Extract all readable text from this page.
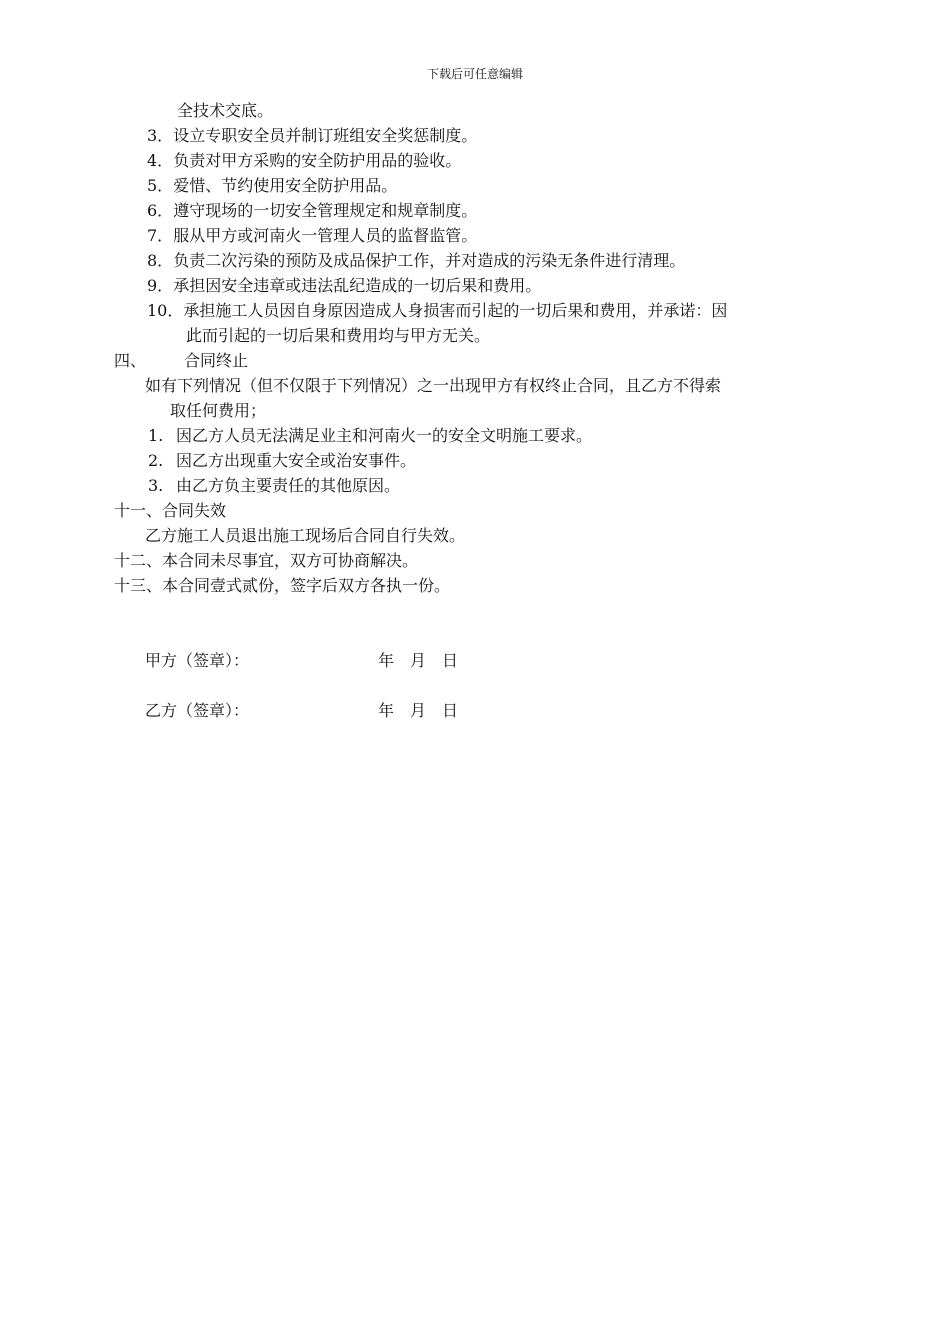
下载后可任意编辑
全技术交底。
3．设立专职安全员并制订班组安全奖惩制度。
4．负责对甲方采购的安全防护用品的验收。
5．爱惜、节约使用安全防护用品。
6．遵守现场的一切安全管理规定和规章制度。
7．服从甲方或河南火一管理人员的监督监管。
8．负责二次污染的预防及成品保护工作，并对造成的污染无条件进行清理。
9．承担因安全违章或违法乱纪造成的一切后果和费用。
10．承担施工人员因自身原因造成人身损害而引起的一切后果和费用，并承诺：因
此而引起的一切后果和费用均与甲方无关。
四、 合同终止
如有下列情况（但不仅限于下列情况）之一出现甲方有权终止合同，且乙方不得索
取任何费用；
1. 因乙方人员无法满足业主和河南火一的安全文明施工要求。
2. 因乙方出现重大安全或治安事件。
3. 由乙方负主要责任的其他原因。
十一、合同失效
乙方施工人员退出施工现场后合同自行失效。
十二、本合同未尽事宜，双方可协商解决。
十三、本合同壹式贰份，签字后双方各执一份。
甲方（签章）：	年　月　日
乙方（签章）：	年　月　日
